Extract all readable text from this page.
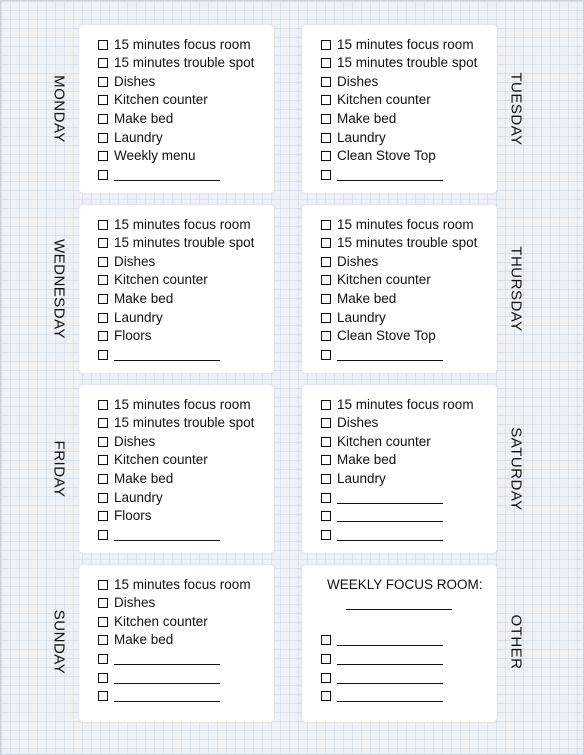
MONDAY	TUESDAY
WEDNESDAY	THURSDAY
FRIDAY	SATURDAY
SUNDAY	OTHER
15 minutes focus room
15 minutes trouble spot
Dishes
Kitchen counter
Make bed
Laundry
Weekly menu
15 minutes focus room
15 minutes trouble spot
Dishes
Kitchen counter
Make bed
Laundry
Clean Stove Top
15 minutes focus room
15 minutes trouble spot
Dishes
Kitchen counter
Make bed
Laundry
Floors
15 minutes focus room
15 minutes trouble spot
Dishes
Kitchen counter
Make bed
Laundry
Clean Stove Top
15 minutes focus room
15 minutes trouble spot
Dishes
Kitchen counter
Make bed
Laundry
Floors
15 minutes focus room
Dishes
Kitchen counter
Make bed
Laundry
15 minutes focus room
Dishes
Kitchen counter
Make bed
WEEKLY FOCUS ROOM:
